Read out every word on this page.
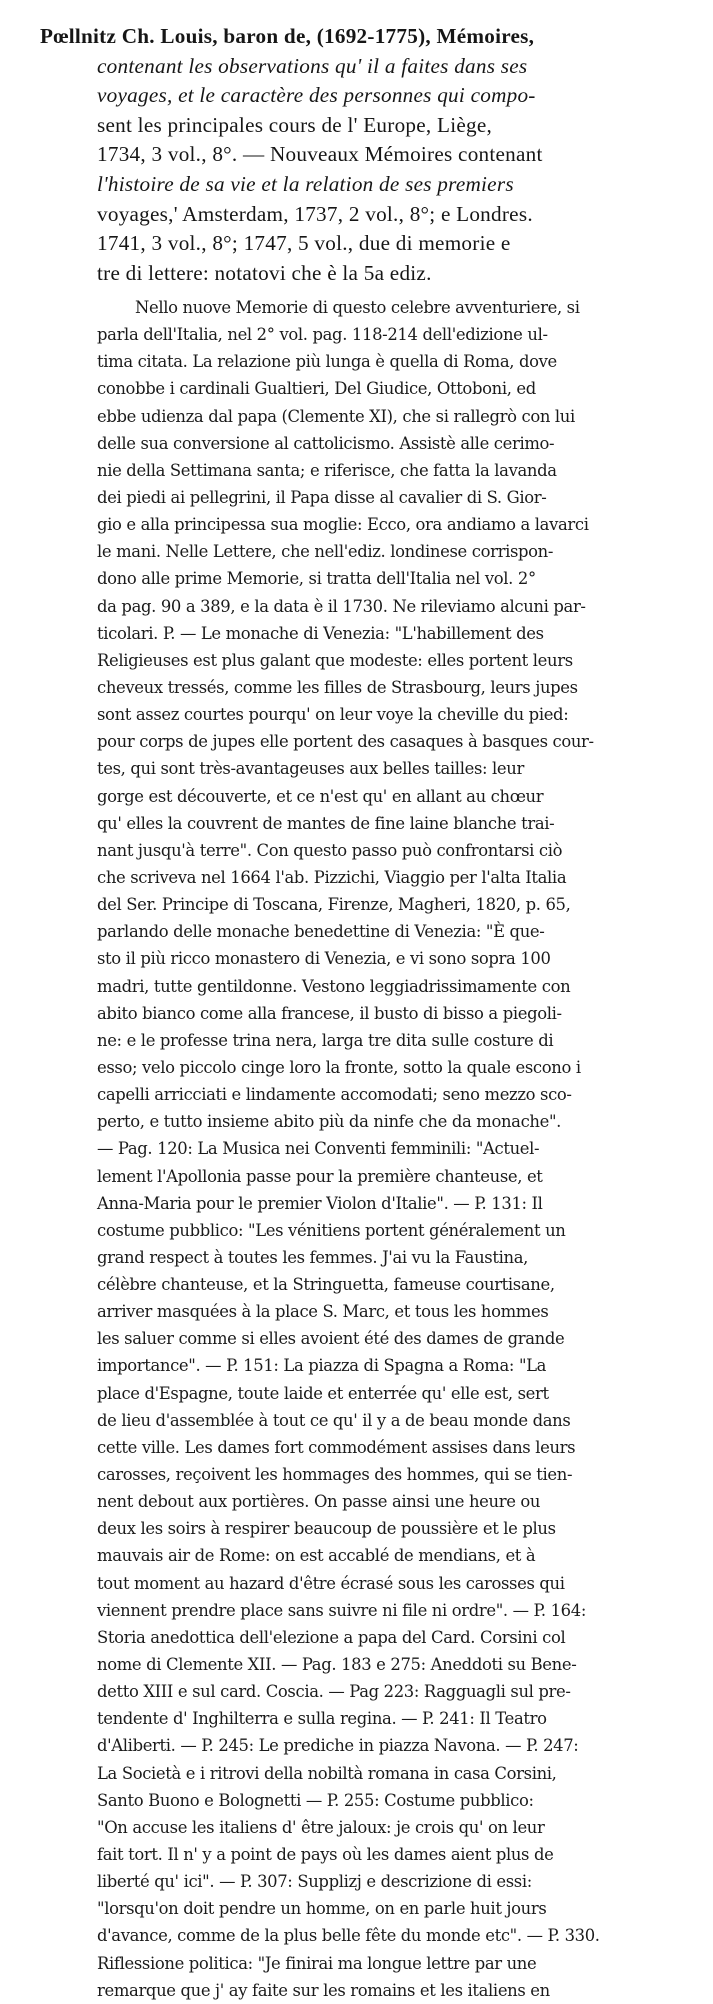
Pœllnitz Ch. Louis, baron de, (1692-1775), Mémoires,
contenant les observations qu' il a faites dans ses
voyages, et le caractère des personnes qui compo-
sent les principales cours de l' Europe, Liège,
1734, 3 vol., 8°. — Nouveaux Mémoires contenant
l'histoire de sa vie et la relation de ses premiers
voyages,' Amsterdam, 1737, 2 vol., 8°; e Londres.
1741, 3 vol., 8°; 1747, 5 vol., due di memorie e
tre di lettere: notatovi che è la 5a ediz.
Nello nuove Memorie di questo celebre avventuriere, si
parla dell'Italia, nel 2° vol. pag. 118-214 dell'edizione ul-
tima citata. La relazione più lunga è quella di Roma, dove
conobbe i cardinali Gualtieri, Del Giudice, Ottoboni, ed
ebbe udienza dal papa (Clemente XI), che si rallegrò con lui
delle sua conversione al cattolicismo. Assistè alle cerimo-
nie della Settimana santa; e riferisce, che fatta la lavanda
dei piedi ai pellegrini, il Papa disse al cavalier di S. Gior-
gio e alla principessa sua moglie: Ecco, ora andiamo a lavarci
le mani. Nelle Lettere, che nell'ediz. londinese corrispon-
dono alle prime Memorie, si tratta dell'Italia nel vol. 2°
da pag. 90 a 389, e la data è il 1730. Ne rileviamo alcuni par-
ticolari. P. — Le monache di Venezia: "L'habillement des
Religieuses est plus galant que modeste: elles portent leurs
cheveux tressés, comme les filles de Strasbourg, leurs jupes
sont assez courtes pourqu' on leur voye la cheville du pied:
pour corps de jupes elle portent des casaques à basques cour-
tes, qui sont très-avantageuses aux belles tailles: leur
gorge est découverte, et ce n'est qu' en allant au chœur
qu' elles la couvrent de mantes de fine laine blanche trai-
nant jusqu'à terre". Con questo passo può confrontarsi ciò
che scriveva nel 1664 l'ab. Pizzichi, Viaggio per l'alta Italia
del Ser. Principe di Toscana, Firenze, Magheri, 1820, p. 65,
parlando delle monache benedettine di Venezia: "È que-
sto il più ricco monastero di Venezia, e vi sono sopra 100
madri, tutte gentildonne. Vestono leggiadrissimamente con
abito bianco come alla francese, il busto di bisso a piegoli-
ne: e le professe trina nera, larga tre dita sulle costure di
esso; velo piccolo cinge loro la fronte, sotto la quale escono i
capelli arricciati e lindamente accomodati; seno mezzo sco-
perto, e tutto insieme abito più da ninfe che da monache".
— Pag. 120: La Musica nei Conventi femminili: "Actuel-
lement l'Apollonia passe pour la première chanteuse, et
Anna-Maria pour le premier Violon d'Italie". — P. 131: Il
costume pubblico: "Les vénitiens portent généralement un
grand respect à toutes les femmes. J'ai vu la Faustina,
célèbre chanteuse, et la Stringuetta, fameuse courtisane,
arriver masquées à la place S. Marc, et tous les hommes
les saluer comme si elles avoient été des dames de grande
importance". — P. 151: La piazza di Spagna a Roma: "La
place d'Espagne, toute laide et enterrée qu' elle est, sert
de lieu d'assemblée à tout ce qu' il y a de beau monde dans
cette ville. Les dames fort commodément assises dans leurs
carosses, reçoivent les hommages des hommes, qui se tien-
nent debout aux portières. On passe ainsi une heure ou
deux les soirs à respirer beaucoup de poussière et le plus
mauvais air de Rome: on est accablé de mendians, et à
tout moment au hazard d'être écrasé sous les carosses qui
viennent prendre place sans suivre ni file ni ordre". — P. 164:
Storia anedottica dell'elezione a papa del Card. Corsini col
nome di Clemente XII. — Pag. 183 e 275: Aneddoti su Bene-
detto XIII e sul card. Coscia. — Pag 223: Ragguagli sul pre-
tendente d' Inghilterra e sulla regina. — P. 241: Il Teatro
d'Aliberti. — P. 245: Le prediche in piazza Navona. — P. 247:
La Società e i ritrovi della nobiltà romana in casa Corsini,
Santo Buono e Bolognetti — P. 255: Costume pubblico:
"On accuse les italiens d' être jaloux: je crois qu' on leur
fait tort. Il n' y a point de pays où les dames aient plus de
liberté qu' ici". — P. 307: Supplizj e descrizione di essi:
"lorsqu'on doit pendre un homme, on en parle huit jours
d'avance, comme de la plus belle fête du monde etc". — P. 330.
Riflessione politica: "Je finirai ma longue lettre par une
remarque que j' ay faite sur les romains et les italiens en
